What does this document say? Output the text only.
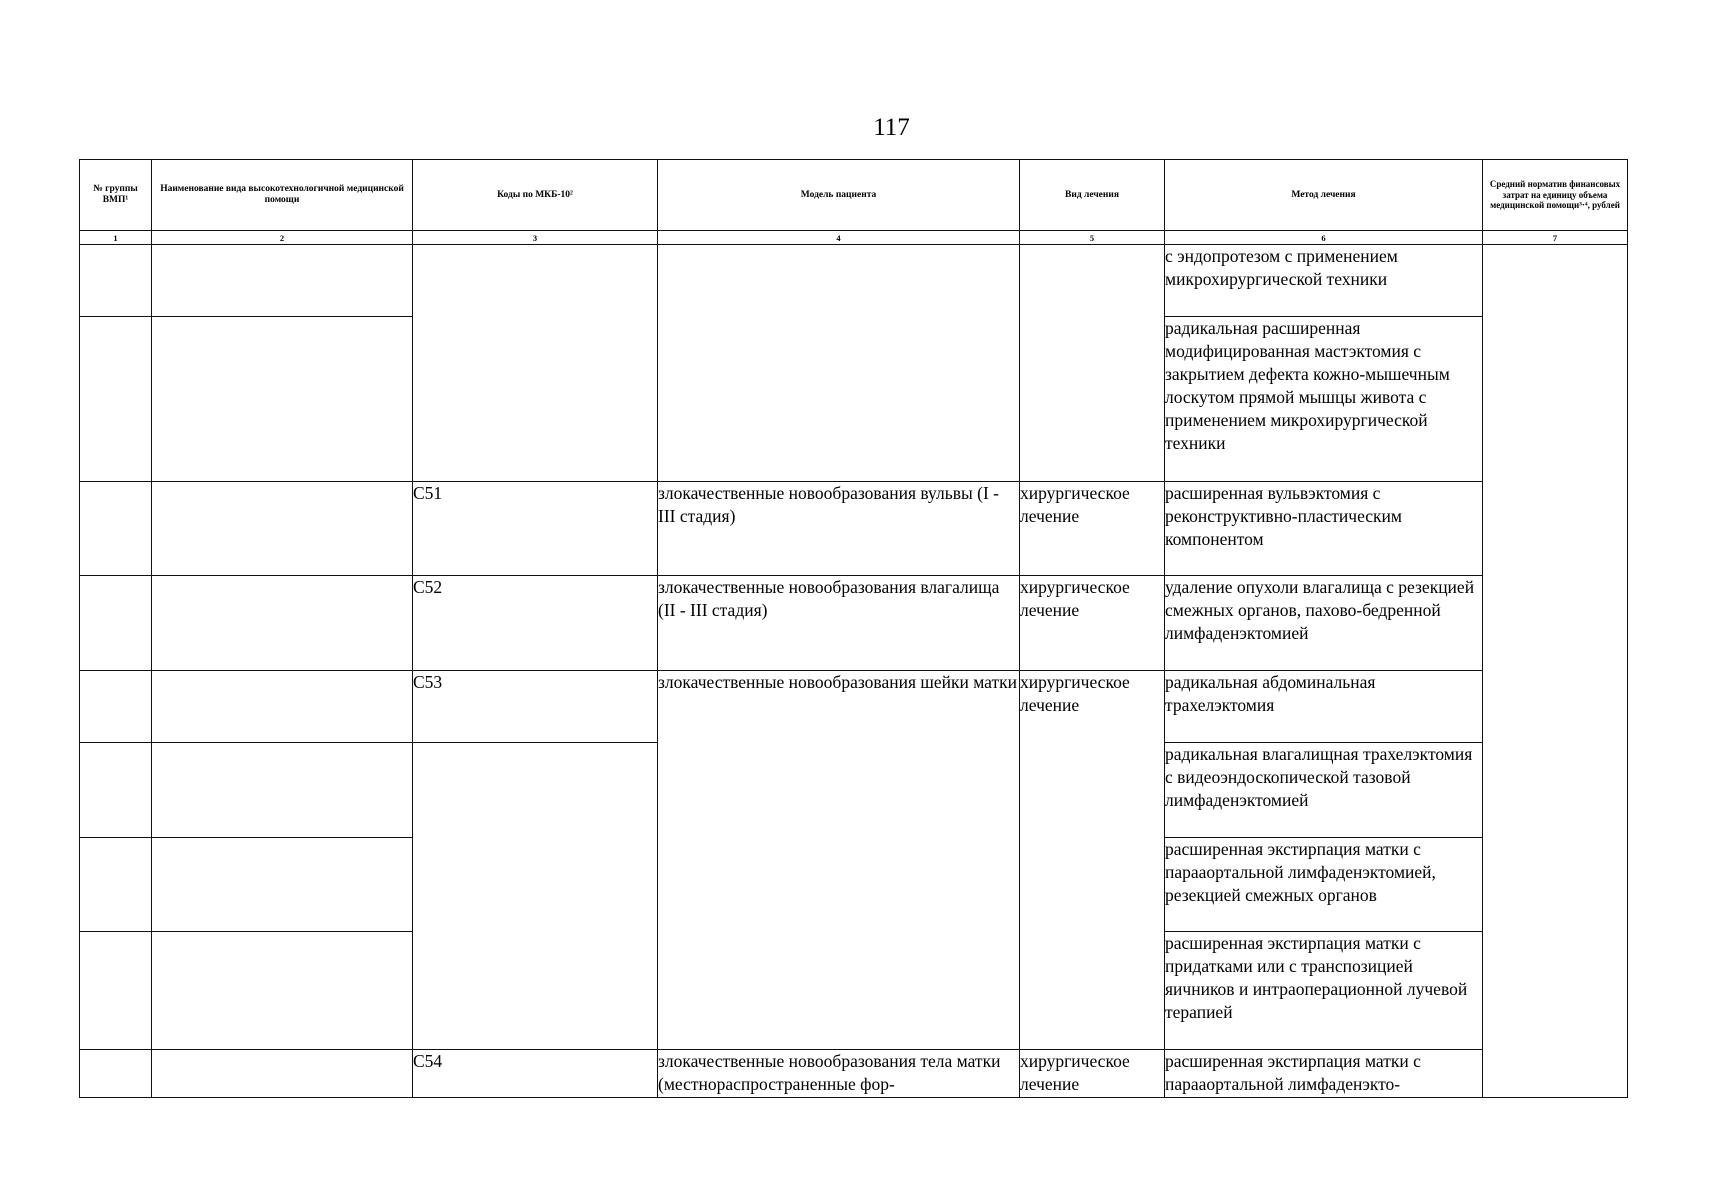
117
№ группы ВМП¹	Наименование вида высокотехнологичной медицинской помощи	Коды по МКБ-10²	Модель пациента	Вид лечения	Метод лечения	Средний норматив финансовых затрат на единицу объема медицинской помощи³·⁴, рублей
1	2	3	4	5	6	7
					с эндопротезом с применением микрохирургической техники	
					радикальная расширенная модифицированная мастэктомия с закрытием дефекта кожно-мышечным лоскутом прямой мышцы живота с применением микрохирургической техники	
		C51	злокачественные новообразования вульвы (I - III стадия)	хирургическое лечение	расширенная вульвэктомия с реконструктивно-пластическим компонентом	
		C52	злокачественные новообразования влагалища (II - III стадия)	хирургическое лечение	удаление опухоли влагалища с резекцией смежных органов, пахово-бедренной лимфаденэктомией	
		C53	злокачественные новообразования шейки матки	хирургическое лечение	радикальная абдоминальная трахелэктомия	
					радикальная влагалищная трахелэктомия с видеоэндоскопической тазовой лимфаденэктомией	
					расширенная экстирпация матки с парааортальной лимфаденэктомией, резекцией смежных органов	
					расширенная экстирпация матки с придатками или с транспозицией яичников и интраоперационной лучевой терапией	
		C54	злокачественные новообразования тела матки (местнораспространенные фор-	хирургическое лечение	расширенная экстирпация матки с парааортальной лимфаденэкто-	
